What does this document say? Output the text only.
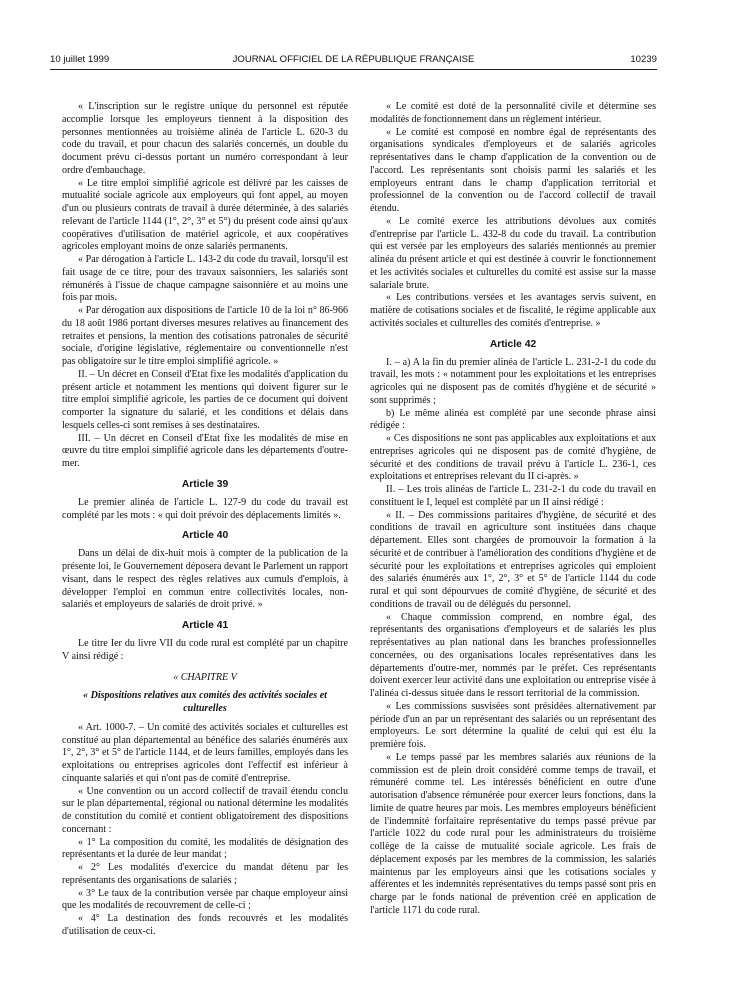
10 juillet 1999	JOURNAL OFFICIEL DE LA RÉPUBLIQUE FRANÇAISE	10239

« L'inscription sur le registre unique du personnel est réputée accomplie lorsque les employeurs tiennent à la disposition des personnes mentionnées au troisième alinéa de l'article L. 620-3 du code du travail, et pour chacun des salariés concernés, un double du document prévu ci-dessus portant un numéro correspondant à leur ordre d'embauchage.

« Le titre emploi simplifié agricole est délivré par les caisses de mutualité sociale agricole aux employeurs qui font appel, au moyen d'un ou plusieurs contrats de travail à durée déterminée, à des salariés relevant de l'article 1144 (1°, 2°, 3° et 5°) du présent code ainsi qu'aux coopératives d'utilisation de matériel agricole, et aux coopératives agricoles employant moins de onze salariés permanents.

« Par dérogation à l'article L. 143-2 du code du travail, lorsqu'il est fait usage de ce titre, pour des travaux saisonniers, les salariés sont rémunérés à l'issue de chaque campagne saisonnière et au moins une fois par mois.

« Par dérogation aux dispositions de l'article 10 de la loi n° 86-966 du 18 août 1986 portant diverses mesures relatives au financement des retraites et pensions, la mention des cotisations patronales de sécurité sociale, d'origine législative, réglementaire ou conventionnelle n'est pas obligatoire sur le titre emploi simplifié agricole. »

II. – Un décret en Conseil d'Etat fixe les modalités d'application du présent article et notamment les mentions qui doivent figurer sur le titre emploi simplifié agricole, les parties de ce document qui doivent comporter la signature du salarié, et les conditions et délais dans lesquels celles-ci sont remises à ses destinataires.

III. – Un décret en Conseil d'Etat fixe les modalités de mise en œuvre du titre emploi simplifié agricole dans les départements d'outre-mer.

Article 39

Le premier alinéa de l'article L. 127-9 du code du travail est complété par les mots : « qui doit prévoir des déplacements limités ».

Article 40

Dans un délai de dix-huit mois à compter de la publication de la présente loi, le Gouvernement déposera devant le Parlement un rapport visant, dans le respect des règles relatives aux cumuls d'emplois, à développer l'emploi en commun entre collectivités locales, non-salariés et employeurs de salariés de droit privé. »

Article 41

Le titre Ier du livre VII du code rural est complété par un chapitre V ainsi rédigé :

« CHAPITRE V

« Dispositions relatives aux comités des activités sociales et culturelles

« Art. 1000-7. – Un comité des activités sociales et culturelles est constitué au plan départemental au bénéfice des salariés énumérés aux 1°, 2°, 3° et 5° de l'article 1144, et de leurs familles, employés dans les exploitations ou entreprises agricoles dont l'effectif est inférieur à cinquante salariés et qui n'ont pas de comité d'entreprise.

« Une convention ou un accord collectif de travail étendu conclu sur le plan départemental, régional ou national détermine les modalités de constitution du comité et contient obligatoirement des dispositions concernant :

« 1° La composition du comité, les modalités de désignation des représentants et la durée de leur mandat ;

« 2° Les modalités d'exercice du mandat détenu par les représentants des organisations de salariés ;

« 3° Le taux de la contribution versée par chaque employeur ainsi que les modalités de recouvrement de celle-ci ;

« 4° La destination des fonds recouvrés et les modalités d'utilisation de ceux-ci.

« Le comité est doté de la personnalité civile et détermine ses modalités de fonctionnement dans un règlement intérieur.

« Le comité est composé en nombre égal de représentants des organisations syndicales d'employeurs et de salariés agricoles représentatives dans le champ d'application de la convention ou de l'accord. Les représentants sont choisis parmi les salariés et les employeurs entrant dans le champ d'application territorial et professionnel de la convention ou de l'accord collectif de travail étendu.

« Le comité exerce les attributions dévolues aux comités d'entreprise par l'article L. 432-8 du code du travail. La contribution qui est versée par les employeurs des salariés mentionnés au premier alinéa du présent article et qui est destinée à couvrir le fonctionnement et les activités sociales et culturelles du comité est assise sur la masse salariale brute.

« Les contributions versées et les avantages servis suivent, en matière de cotisations sociales et de fiscalité, le régime applicable aux activités sociales et culturelles des comités d'entreprise. »

Article 42

I. – a) A la fin du premier alinéa de l'article L. 231-2-1 du code du travail, les mots : « notamment pour les exploitations et les entreprises agricoles qui ne disposent pas de comités d'hygiène et de sécurité » sont supprimés ;

b) Le même alinéa est complété par une seconde phrase ainsi rédigée :

« Ces dispositions ne sont pas applicables aux exploitations et aux entreprises agricoles qui ne disposent pas de comité d'hygiène, de sécurité et des conditions de travail prévu à l'article L. 236-1, ces exploitations et entreprises relevant du II ci-après. »

II. – Les trois alinéas de l'article L. 231-2-1 du code du travail en constituent le I, lequel est complété par un II ainsi rédigé :

« II. – Des commissions paritaires d'hygiène, de sécurité et des conditions de travail en agriculture sont instituées dans chaque département. Elles sont chargées de promouvoir la formation à la sécurité et de contribuer à l'amélioration des conditions d'hygiène et de sécurité pour les exploitations et entreprises agricoles qui emploient des salariés énumérés aux 1°, 2°, 3° et 5° de l'article 1144 du code rural et qui sont dépourvues de comité d'hygiène, de sécurité et des conditions de travail ou de délégués du personnel.

« Chaque commission comprend, en nombre égal, des représentants des organisations d'employeurs et de salariés les plus représentatives au plan national dans les branches professionnelles concernées, ou des organisations locales représentatives dans les départements d'outre-mer, nommés par le préfet. Ces représentants doivent exercer leur activité dans une exploitation ou entreprise visée à l'alinéa ci-dessus située dans le ressort territorial de la commission.

« Les commissions susvisées sont présidées alternativement par période d'un an par un représentant des salariés ou un représentant des employeurs. Le sort détermine la qualité de celui qui est élu la première fois.

« Le temps passé par les membres salariés aux réunions de la commission est de plein droit considéré comme temps de travail, et rémunéré comme tel. Les intéressés bénéficient en outre d'une autorisation d'absence rémunérée pour exercer leurs fonctions, dans la limite de quatre heures par mois. Les membres employeurs bénéficient de l'indemnité forfaitaire représentative du temps passé prévue par l'article 1022 du code rural pour les administrateurs du troisième collège de la caisse de mutualité sociale agricole. Les frais de déplacement exposés par les membres de la commission, les salariés maintenus par les employeurs ainsi que les cotisations sociales y afférentes et les indemnités représentatives du temps passé sont pris en charge par le fonds national de prévention créé en application de l'article 1171 du code rural.
